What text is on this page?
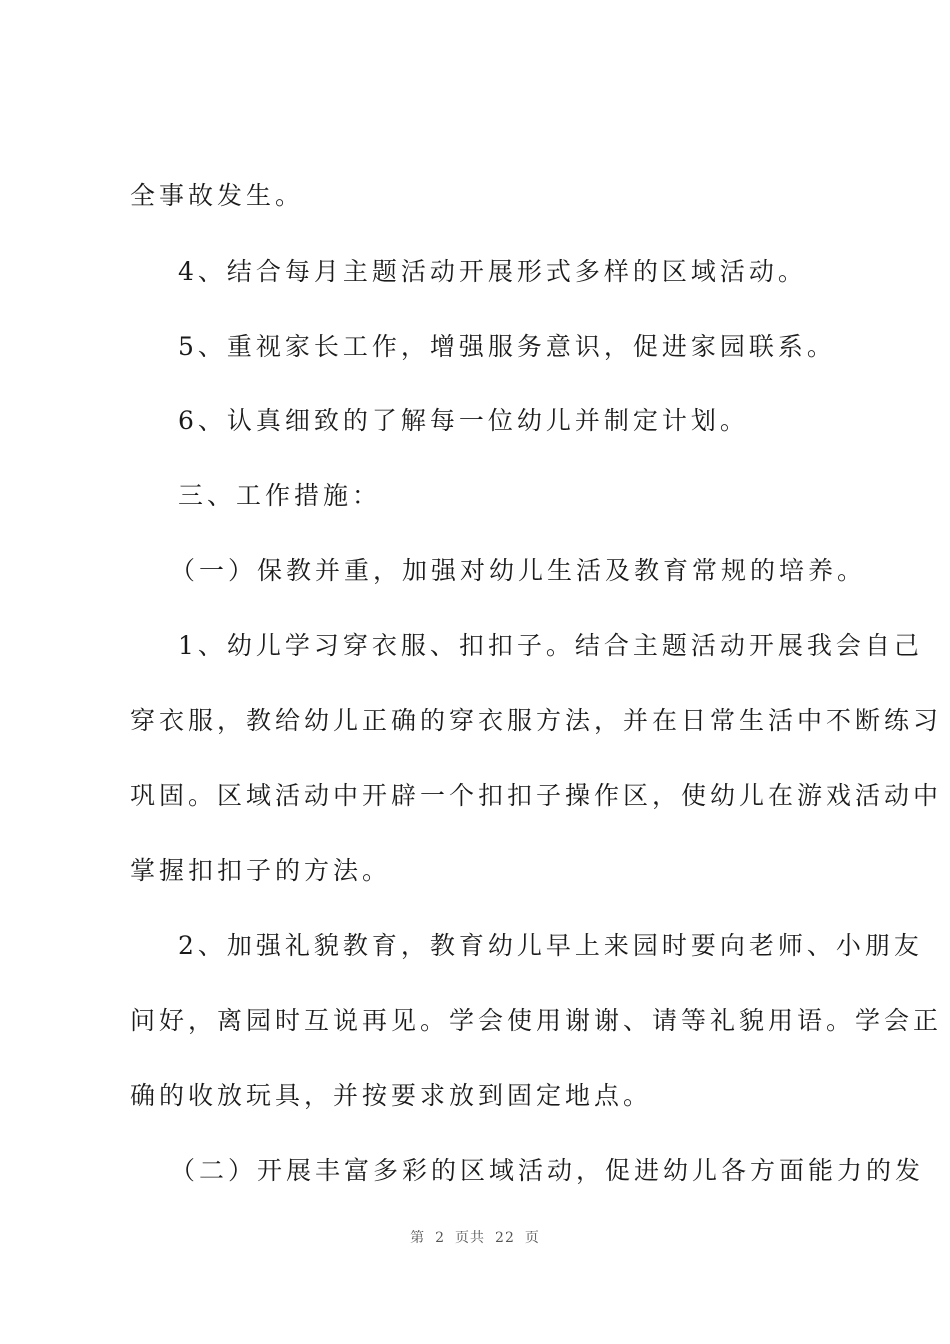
全事故发生。
4、结合每月主题活动开展形式多样的区域活动。
5、重视家长工作，增强服务意识，促进家园联系。
6、认真细致的了解每一位幼儿并制定计划。
三、工作措施：
（一）保教并重，加强对幼儿生活及教育常规的培养。
1、幼儿学习穿衣服、扣扣子。结合主题活动开展我会自己
穿衣服，教给幼儿正确的穿衣服方法，并在日常生活中不断练习
巩固。区域活动中开辟一个扣扣子操作区，使幼儿在游戏活动中
掌握扣扣子的方法。
2、加强礼貌教育，教育幼儿早上来园时要向老师、小朋友
问好，离园时互说再见。学会使用谢谢、请等礼貌用语。学会正
确的收放玩具，并按要求放到固定地点。
（二）开展丰富多彩的区域活动，促进幼儿各方面能力的发
第 2 页共 22 页
